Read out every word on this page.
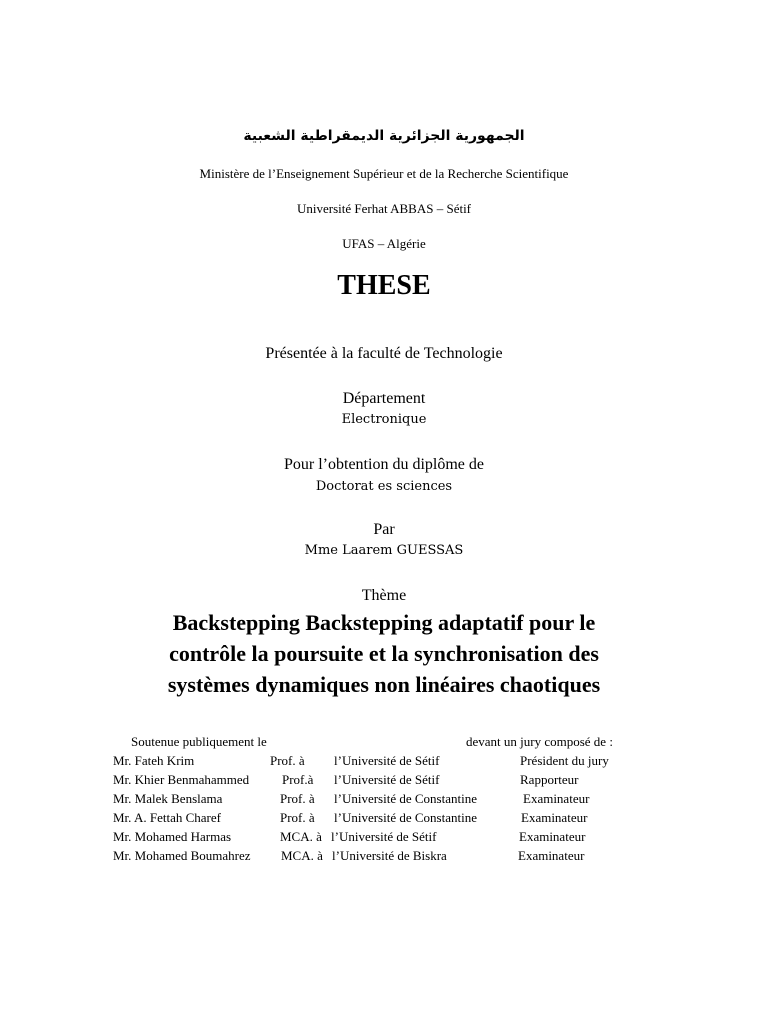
الجمهورية الجزائرية الديمقراطية الشعبية
Ministère de l’Enseignement Supérieur et de la Recherche Scientifique
Université Ferhat ABBAS – Sétif
UFAS – Algérie
THESE
Présentée à la faculté de Technologie
Département
Electronique
Pour l’obtention du diplôme de
Doctorat es sciences
Par
Mme Laarem GUESSAS
Thème
Backstepping Backstepping adaptatif pour le
contrôle la poursuite et la synchronisation des
systèmes dynamiques non linéaires chaotiques
Soutenue publiquement le	devant un jury composé de :
Mr. Fateh Krim	Prof. à l’Université de Sétif	Président du jury
Mr. Khier Benmahammed	Prof.à l’Université de Sétif	Rapporteur
Mr. Malek Benslama	Prof. à l’Université de Constantine	Examinateur
Mr. A. Fettah Charef	Prof. à l’Université de Constantine	Examinateur
Mr. Mohamed Harmas	MCA. à l’Université de Sétif	Examinateur
Mr. Mohamed Boumahrez MCA. à l’Université de Biskra	Examinateur
